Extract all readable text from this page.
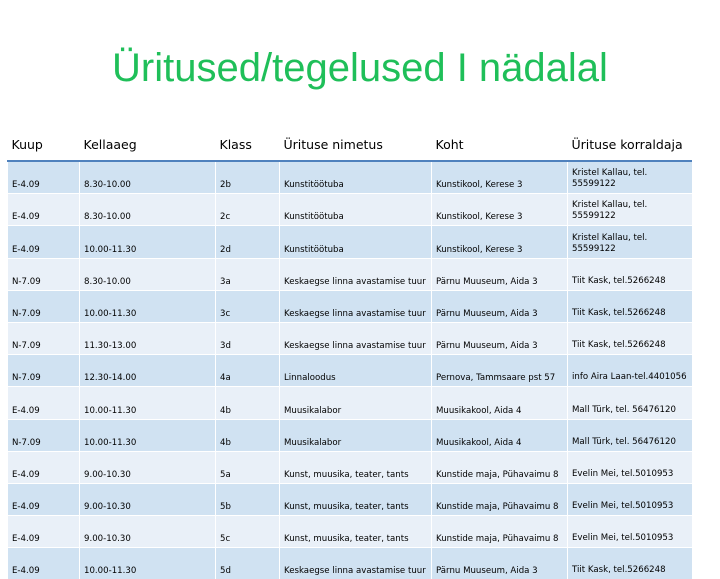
Üritused/tegelused I nädalal
Kuup	Kellaaeg	Klass	Ürituse nimetus	Koht	Ürituse korraldaja
E-4.09	8.30-10.00	2b	Kunstitöötuba	Kunstikool, Kerese 3	Kristel Kallau, tel. 55599122
E-4.09	8.30-10.00	2c	Kunstitöötuba	Kunstikool, Kerese 3	Kristel Kallau, tel. 55599122
E-4.09	10.00-11.30	2d	Kunstitöötuba	Kunstikool, Kerese 3	Kristel Kallau, tel. 55599122
N-7.09	8.30-10.00	3a	Keskaegse linna avastamise tuur	Pärnu Muuseum, Aida 3	Tiit Kask, tel.5266248
N-7.09	10.00-11.30	3c	Keskaegse linna avastamise tuur	Pärnu Muuseum, Aida 3	Tiit Kask, tel.5266248
N-7.09	11.30-13.00	3d	Keskaegse linna avastamise tuur	Pärnu Muuseum, Aida 3	Tiit Kask, tel.5266248
N-7.09	12.30-14.00	4a	Linnaloodus	Pernova, Tammsaare pst 57	info Aira Laan-tel.4401056
E-4.09	10.00-11.30	4b	Muusikalabor	Muusikakool, Aida 4	Mall Türk, tel. 56476120
N-7.09	10.00-11.30	4b	Muusikalabor	Muusikakool, Aida 4	Mall Türk, tel. 56476120
E-4.09	9.00-10.30	5a	Kunst, muusika, teater, tants	Kunstide maja, Pühavaimu 8	Evelin Mei, tel.5010953
E-4.09	9.00-10.30	5b	Kunst, muusika, teater, tants	Kunstide maja, Pühavaimu 8	Evelin Mei, tel.5010953
E-4.09	9.00-10.30	5c	Kunst, muusika, teater, tants	Kunstide maja, Pühavaimu 8	Evelin Mei, tel.5010953
E-4.09	10.00-11.30	5d	Keskaegse linna avastamise tuur	Pärnu Muuseum, Aida 3	Tiit Kask, tel.5266248
